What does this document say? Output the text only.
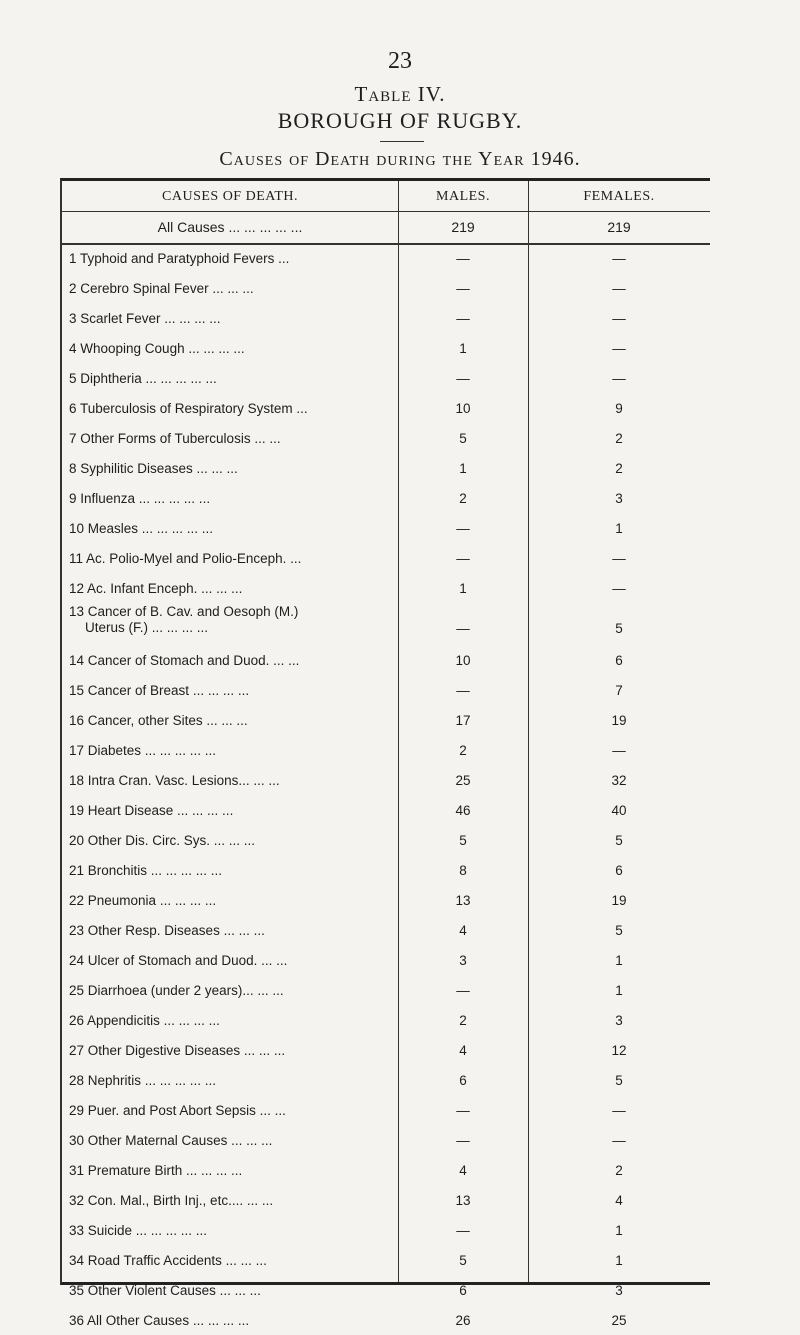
23
Table IV.
BOROUGH OF RUGBY.
Causes of Death during the Year 1946.
CAUSES OF DEATH.	MALES.	FEMALES.
All Causes ... ... ... ... ...	219	219
1 Typhoid and Paratyphoid Fevers ...	—	—
2 Cerebro Spinal Fever ... ... ...	—	—
3 Scarlet Fever ... ... ... ...	—	—
4 Whooping Cough ... ... ... ...	1	—
5 Diphtheria ... ... ... ... ...	—	—
6 Tuberculosis of Respiratory System ...	10	9
7 Other Forms of Tuberculosis ... ...	5	2
8 Syphilitic Diseases ... ... ...	1	2
9 Influenza ... ... ... ... ...	2	3
10 Measles ... ... ... ... ...	—	1
11 Ac. Polio-Myel and Polio-Enceph. ...	—	—
12 Ac. Infant Enceph. ... ... ...	1	—
13 Cancer of B. Cav. and Oesoph (M.)
Uterus (F.) ... ... ... ...	—	5
14 Cancer of Stomach and Duod. ... ...	10	6
15 Cancer of Breast ... ... ... ...	—	7
16 Cancer, other Sites ... ... ...	17	19
17 Diabetes ... ... ... ... ...	2	—
18 Intra Cran. Vasc. Lesions... ... ...	25	32
19 Heart Disease ... ... ... ...	46	40
20 Other Dis. Circ. Sys. ... ... ...	5	5
21 Bronchitis ... ... ... ... ...	8	6
22 Pneumonia ... ... ... ...	13	19
23 Other Resp. Diseases ... ... ...	4	5
24 Ulcer of Stomach and Duod. ... ...	3	1
25 Diarrhoea (under 2 years)... ... ...	—	1
26 Appendicitis ... ... ... ...	2	3
27 Other Digestive Diseases ... ... ...	4	12
28 Nephritis ... ... ... ... ...	6	5
29 Puer. and Post Abort Sepsis ... ...	—	—
30 Other Maternal Causes ... ... ...	—	—
31 Premature Birth ... ... ... ...	4	2
32 Con. Mal., Birth Inj., etc.... ... ...	13	4
33 Suicide ... ... ... ... ...	—	1
34 Road Traffic Accidents ... ... ...	5	1
35 Other Violent Causes ... ... ...	6	3
36 All Other Causes ... ... ... ...	26	25
